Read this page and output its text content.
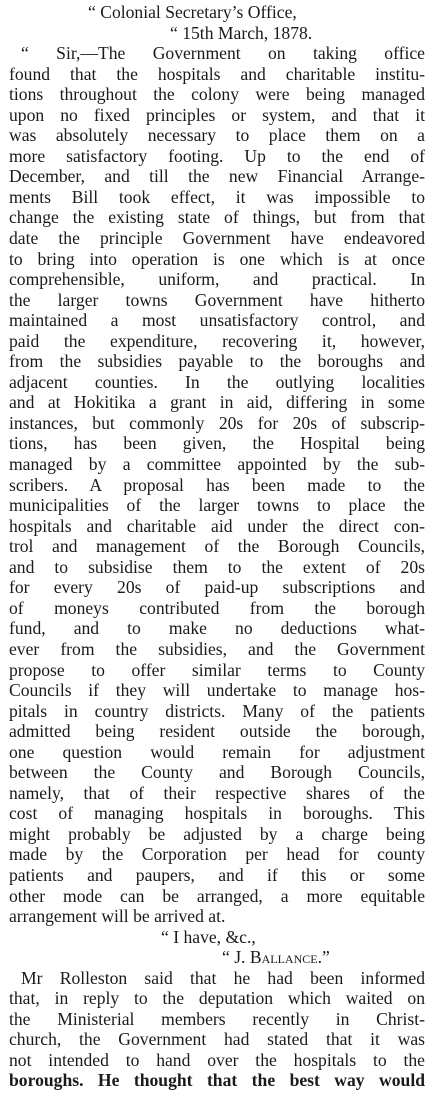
“ Colonial Secretary’s Office,
“ 15th March, 1878.
“ Sir,—The Government on taking office
found that the hospitals and charitable institu-
tions throughout the colony were being managed
upon no fixed principles or system, and that it
was absolutely necessary to place them on a
more satisfactory footing. Up to the end of
December, and till the new Financial Arrange-
ments Bill took effect, it was impossible to
change the existing state of things, but from that
date the principle Government have endeavored
to bring into operation is one which is at once
comprehensible, uniform, and practical. In
the larger towns Government have hitherto
maintained a most unsatisfactory control, and
paid the expenditure, recovering it, however,
from the subsidies payable to the boroughs and
adjacent counties. In the outlying localities
and at Hokitika a grant in aid, differing in some
instances, but commonly 20s for 20s of subscrip-
tions, has been given, the Hospital being
managed by a committee appointed by the sub-
scribers. A proposal has been made to the
municipalities of the larger towns to place the
hospitals and charitable aid under the direct con-
trol and management of the Borough Councils,
and to subsidise them to the extent of 20s
for every 20s of paid-up subscriptions and
of moneys contributed from the borough
fund, and to make no deductions what-
ever from the subsidies, and the Government
propose to offer similar terms to County
Councils if they will undertake to manage hos-
pitals in country districts. Many of the patients
admitted being resident outside the borough,
one question would remain for adjustment
between the County and Borough Councils,
namely, that of their respective shares of the
cost of managing hospitals in boroughs. This
might probably be adjusted by a charge being
made by the Corporation per head for county
patients and paupers, and if this or some
other mode can be arranged, a more equitable
arrangement will be arrived at.
“ I have, &c.,
“ J. Ballance.”
Mr Rolleston said that he had been informed
that, in reply to the deputation which waited on
the Ministerial members recently in Christ-
church, the Government had stated that it was
not intended to hand over the hospitals to the
boroughs. He thought that the best way would
